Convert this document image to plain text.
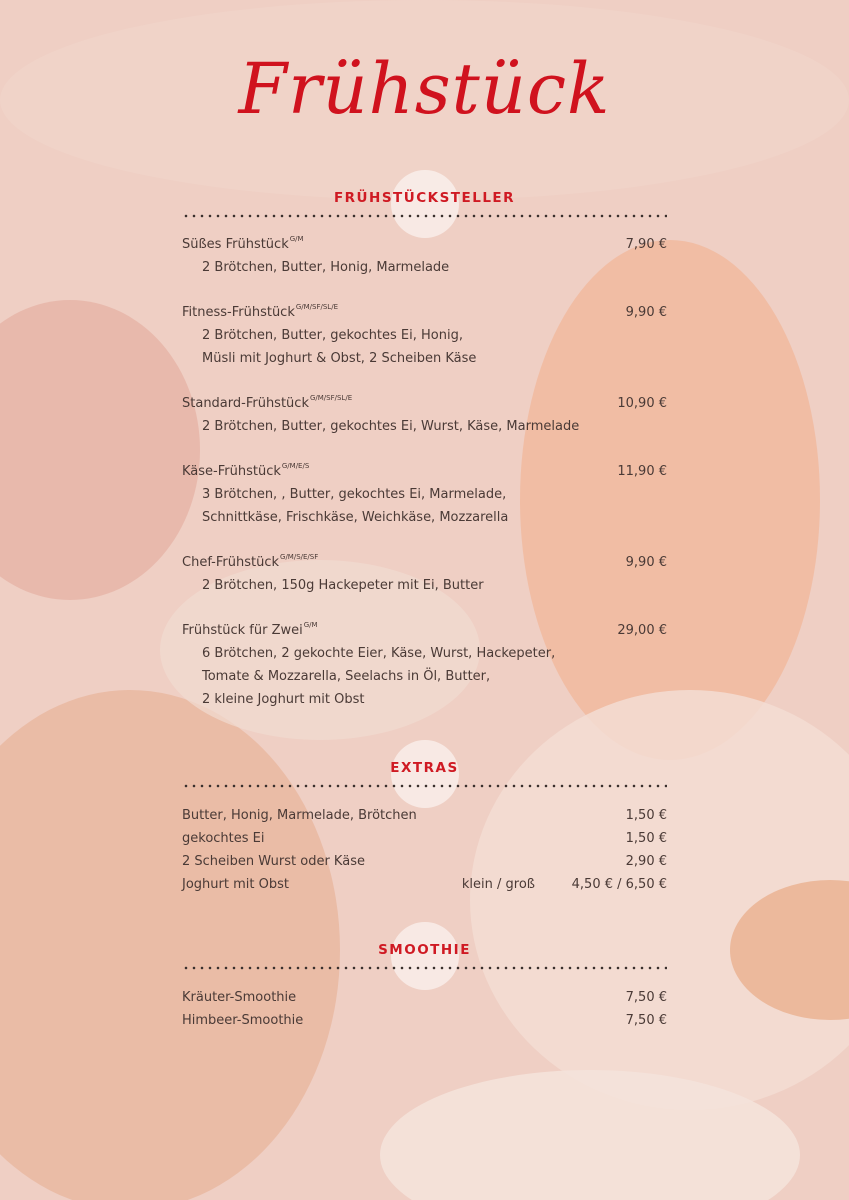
Frühstück
FRÜHSTÜCKSTELLER
Süßes Frühstück$^{G/M}$	7,90 €
2 Brötchen, Butter, Honig, Marmelade
Fitness-Frühstück$^{G/M/SF/SL/E}$	9,90 €
2 Brötchen, Butter, gekochtes Ei, Honig,
Müsli mit Joghurt & Obst, 2 Scheiben Käse
Standard-Frühstück$^{G/M/SF/SL/E}$	10,90 €
2 Brötchen, Butter, gekochtes Ei, Wurst, Käse, Marmelade
Käse-Frühstück$^{G/M/E/S}$	11,90 €
3 Brötchen, , Butter, gekochtes Ei, Marmelade,
Schnittkäse, Frischkäse, Weichkäse, Mozzarella
Chef-Frühstück$^{G/M/S/E/SF}$	9,90 €
2 Brötchen, 150g Hackepeter mit Ei, Butter
Frühstück für Zwei$^{G/M}$	29,00 €
6 Brötchen, 2 gekochte Eier, Käse, Wurst, Hackepeter,
Tomate & Mozzarella, Seelachs in Öl, Butter,
2 kleine Joghurt mit Obst
EXTRAS
Butter, Honig, Marmelade, Brötchen	1,50 €
gekochtes Ei	1,50 €
2 Scheiben Wurst oder Käse	2,90 €
Joghurt mit Obst	klein / groß	4,50 € / 6,50 €
SMOOTHIE
Kräuter-Smoothie	7,50 €
Himbeer-Smoothie	7,50 €
